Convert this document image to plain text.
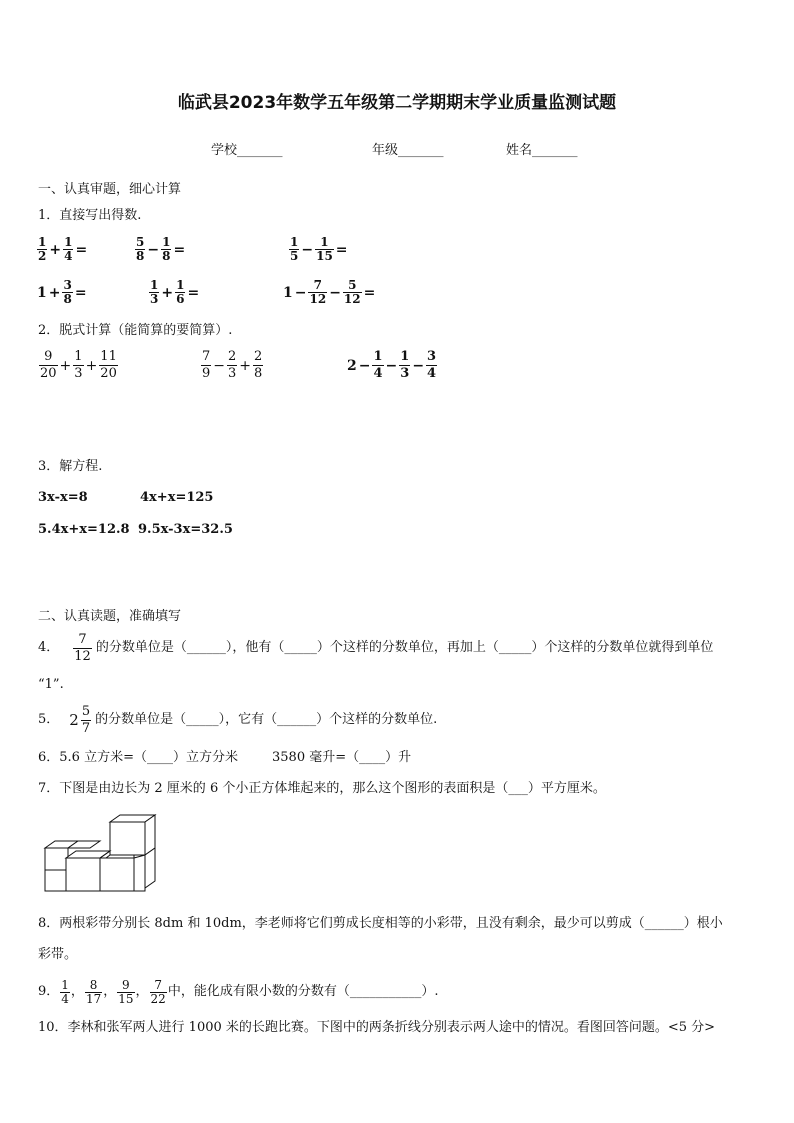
临武县2023年数学五年级第二学期期末学业质量监测试题
学校_______	年级_______	姓名_______
一、认真审题，细心计算
1．直接写出得数.
$\frac{1}{2} + \frac{1}{4}$ =	$\frac{5}{8} - \frac{1}{8}$ =	$\frac{1}{5} - \frac{1}{15}$ =
$1 + \frac{3}{8}$ =	$\frac{1}{3} + \frac{1}{6}$ =	$1 - \frac{7}{12} - \frac{5}{12}$ =
2．脱式计算（能简算的要简算）.
$\frac{9}{20} + \frac{1}{3} + \frac{11}{20}$	$\frac{7}{9} - \frac{2}{3} + \frac{2}{8}$	$2 - \frac{1}{4} - \frac{1}{3} - \frac{3}{4}$
3．解方程.
3x-x=8	4x+x=125
5.4x+x=12.8 9.5x-3x=32.5
二、认真读题，准确填写
4． $\frac{7}{12}$ 的分数单位是（______），他有（_____）个这样的分数单位，再加上（_____）个这样的分数单位就得到单位
“1”.
5． $2 \frac{5}{7}$ 的分数单位是（_____），它有（______）个这样的分数单位.
6．5.6 立方米=（____）立方分米	3580 毫升=（____）升
7．下图是由边长为 2 厘米的 6 个小正方体堆起来的，那么这个图形的表面积是（___）平方厘米。
8．两根彩带分别长 8dm 和 10dm，李老师将它们剪成长度相等的小彩带，且没有剩余，最少可以剪成（______）根小
彩带。
9． $\frac{1}{4}$ ， $\frac{8}{17}$ ， $\frac{9}{15}$ ， $\frac{7}{22}$ 中，能化成有限小数的分数有（___________）.
10．李林和张军两人进行 1000 米的长跑比赛。下图中的两条折线分别表示两人途中的情况。看图回答问题。<5 分>
